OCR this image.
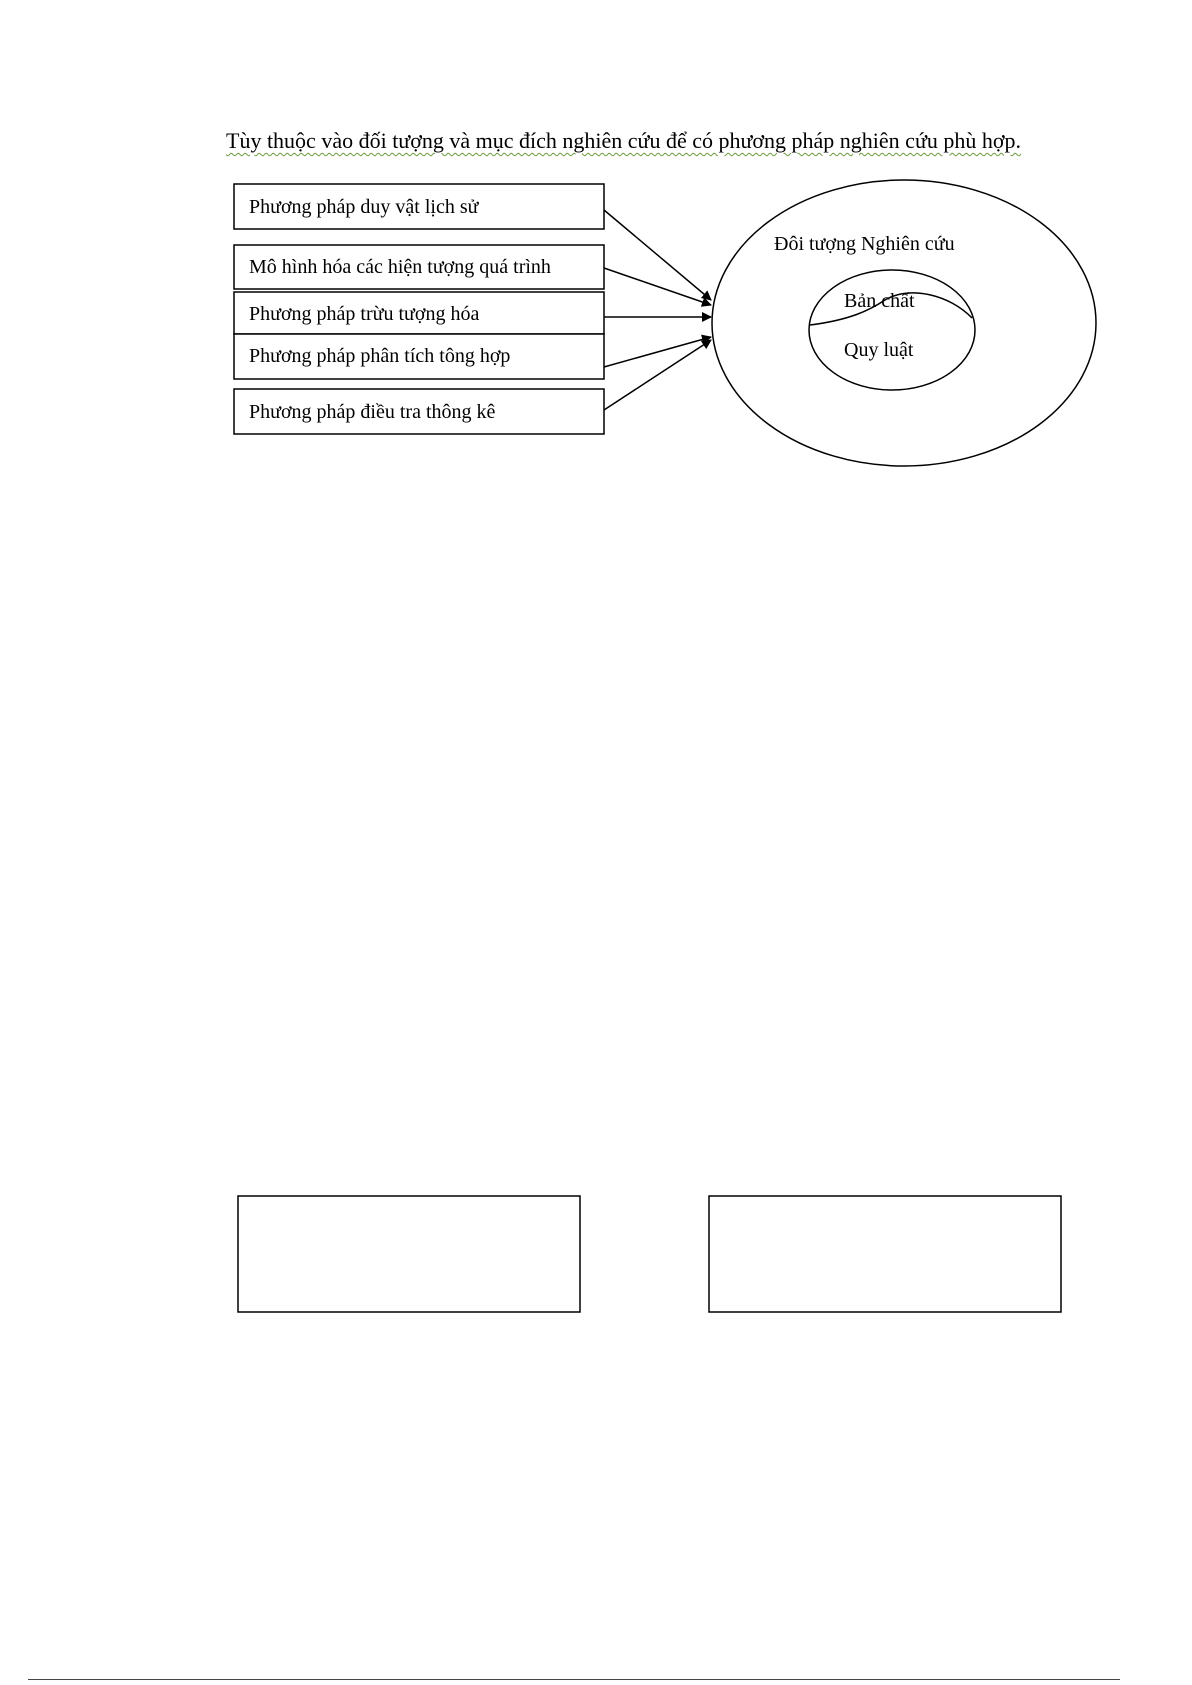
Tùy thuộc vào đối tượng và mục đích nghiên cứu để có phương pháp nghiên cứu phù hợp.
Phương pháp duy vật lịch sử
Mô hình hóa các hiện tượng quá trình
Phương pháp trừu tượng hóa
Phương pháp phân tích tông hợp
Phương pháp điều tra thông kê
Đôi tượng Nghiên cứu
Bản chất
Quy luật
